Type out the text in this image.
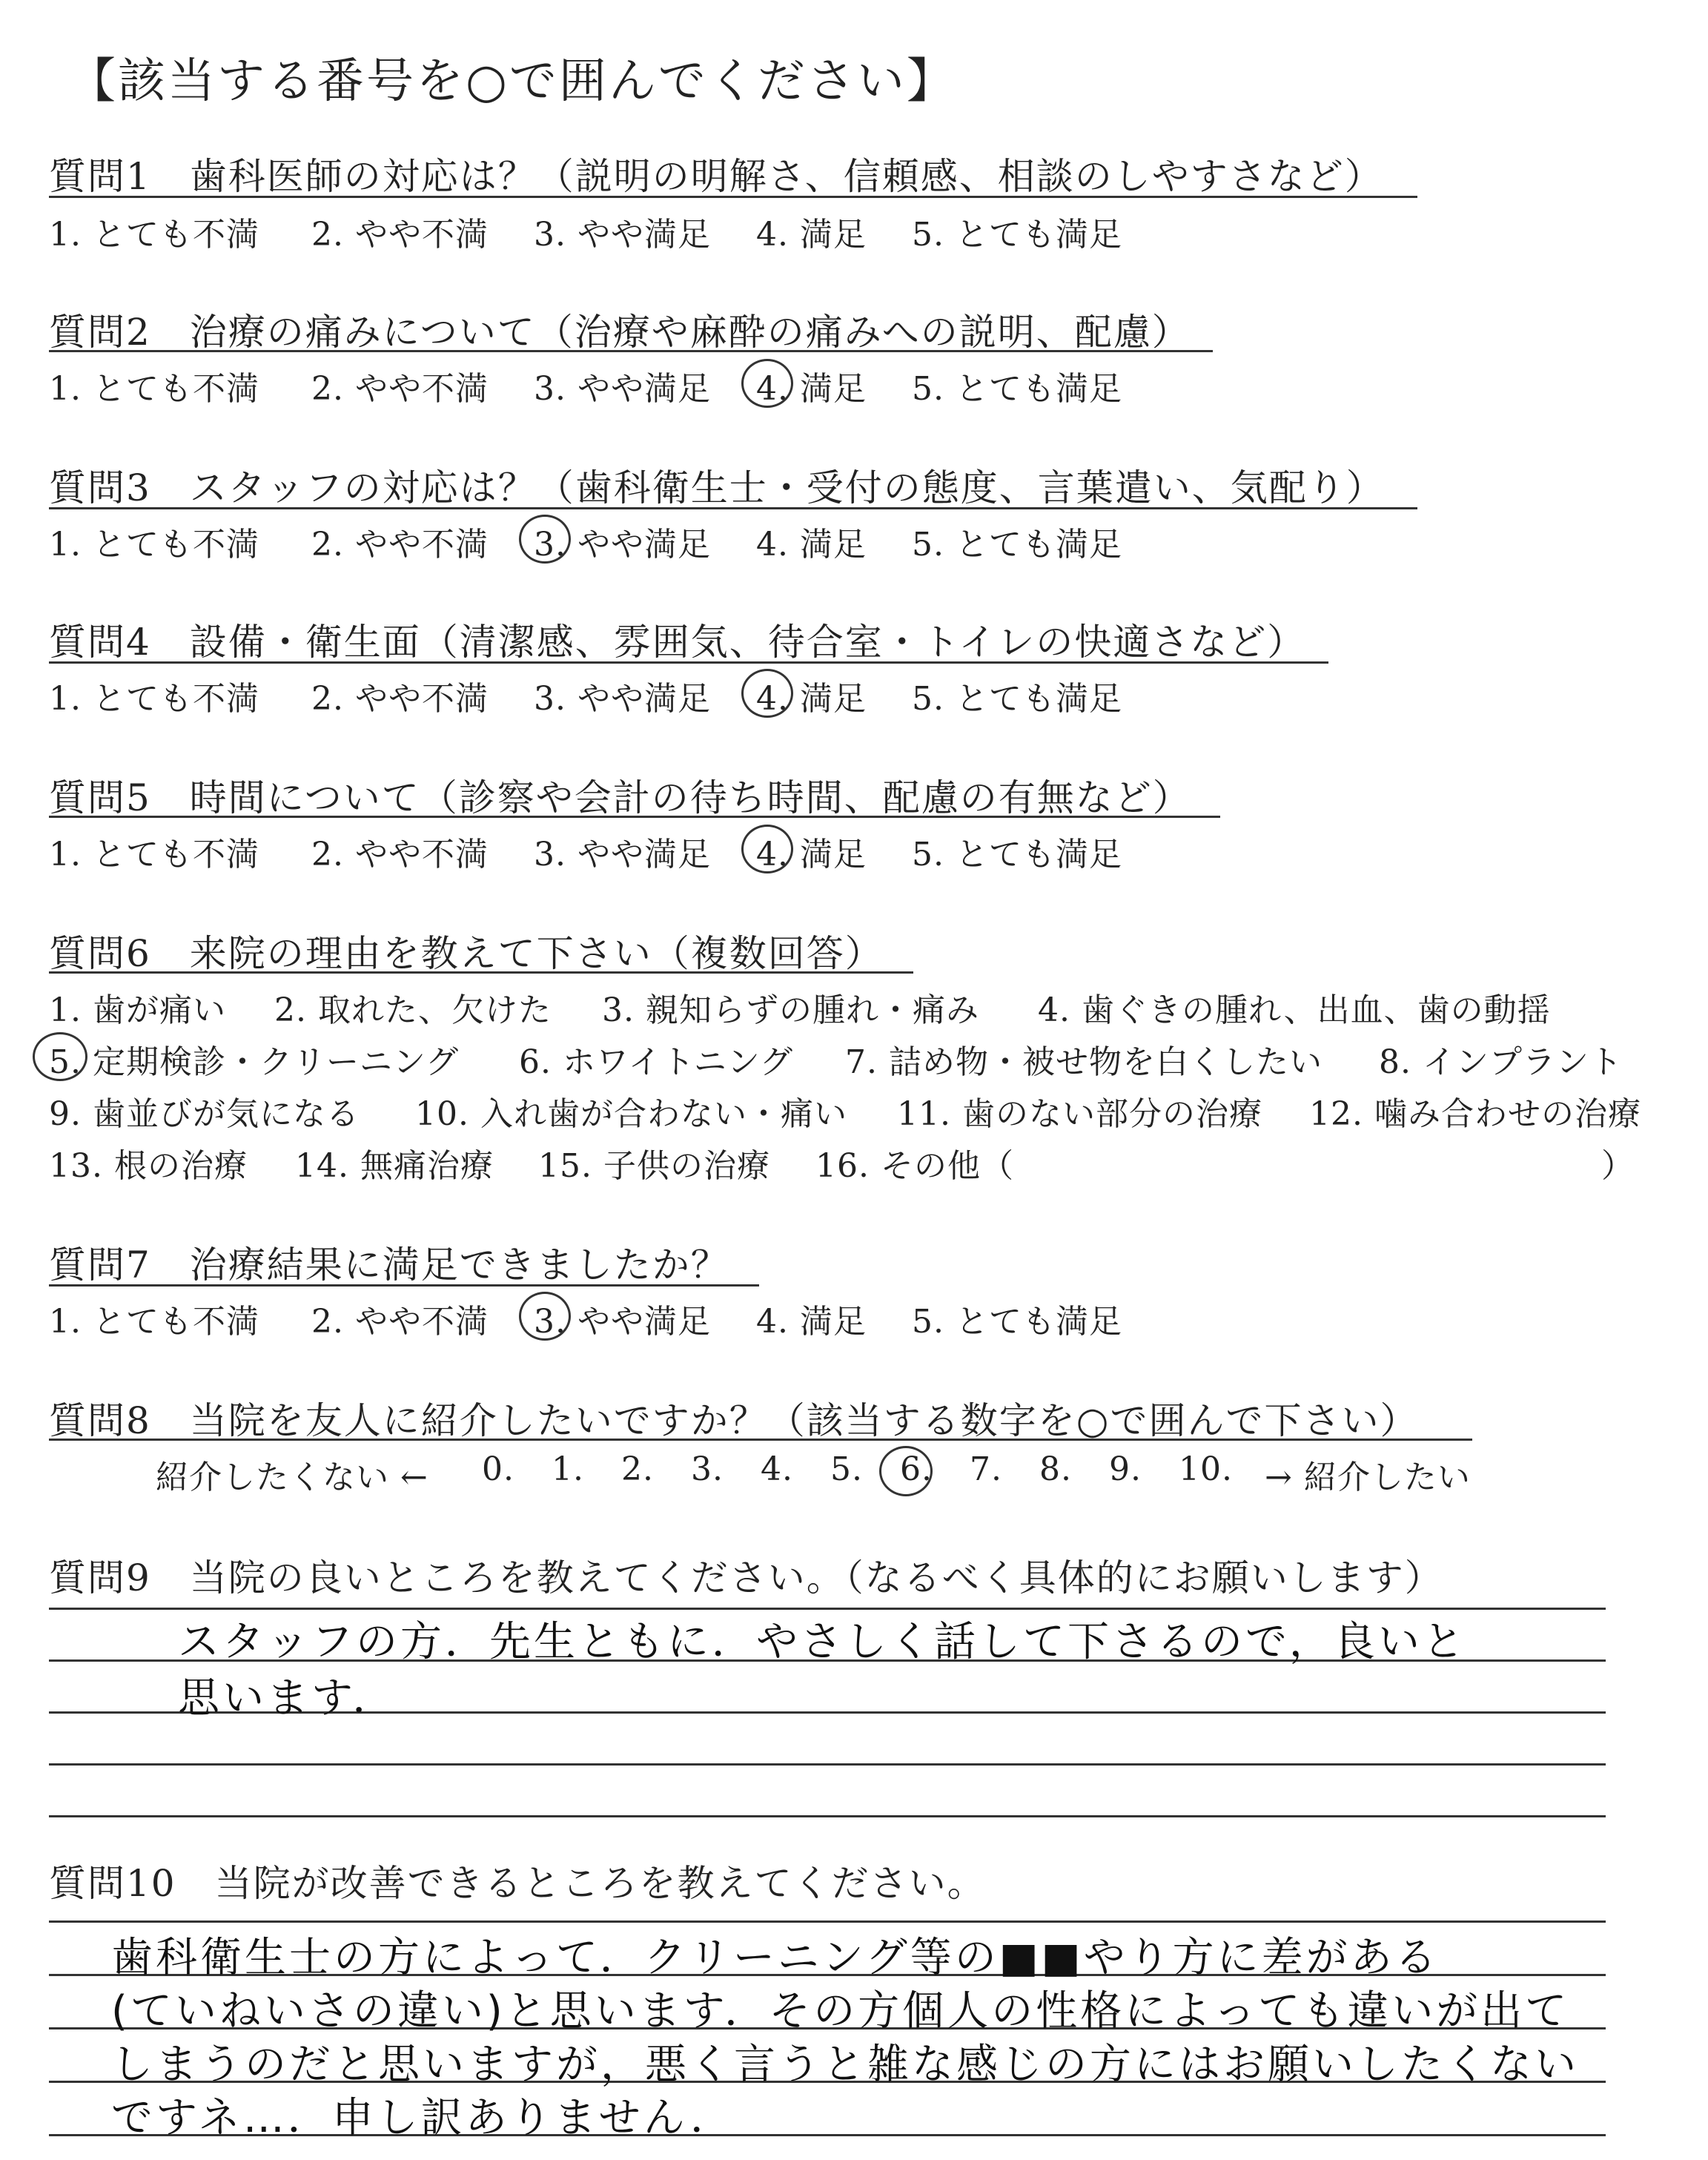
【該当する番号を○で囲んでください】
質問1　歯科医師の対応は？（説明の明解さ、信頼感、相談のしやすさなど）
1. とても不満 2. やや不満 3. やや満足 4. 満足 5. とても満足
質問2　治療の痛みについて（治療や麻酔の痛みへの説明、配慮）
1. とても不満 2. やや不満 3. やや満足 4. 満足 5. とても満足
質問3　スタッフの対応は？（歯科衛生士・受付の態度、言葉遣い、気配り）
1. とても不満 2. やや不満 3. やや満足 4. 満足 5. とても満足
質問4　設備・衛生面（清潔感、雰囲気、待合室・トイレの快適さなど）
1. とても不満 2. やや不満 3. やや満足 4. 満足 5. とても満足
質問5　時間について（診察や会計の待ち時間、配慮の有無など）
1. とても不満 2. やや不満 3. やや満足 4. 満足 5. とても満足
質問6　来院の理由を教えて下さい（複数回答）
1. 歯が痛い 2. 取れた、欠けた 3. 親知らずの腫れ・痛み 4. 歯ぐきの腫れ、出血、歯の動揺
5. 定期検診・クリーニング 6. ホワイトニング 7. 詰め物・被せ物を白くしたい 8. インプラント
9. 歯並びが気になる 10. 入れ歯が合わない・痛い 11. 歯のない部分の治療 12. 噛み合わせの治療
13. 根の治療 14. 無痛治療 15. 子供の治療 16. その他（	）
質問7　治療結果に満足できましたか？
1. とても不満 2. やや不満 3. やや満足 4. 満足 5. とても満足
質問8　当院を友人に紹介したいですか？（該当する数字を○で囲んで下さい）
紹介したくない ← 0. 1. 2. 3. 4. 5. 6. 7. 8. 9. 10. → 紹介したい
質問9　当院の良いところを教えてください。（なるべく具体的にお願いします）
スタッフの方．先生ともに．やさしく話して下さるので，良いと
思います．
質問10　当院が改善できるところを教えてください。
歯科衛生士の方によって．クリーニング等の■■やり方に差がある
(ていねいさの違い)と思います．その方個人の性格によっても違いが出て
しまうのだと思いますが，悪く言うと雑な感じの方にはお願いしたくない
ですネ…．申し訳ありません．
